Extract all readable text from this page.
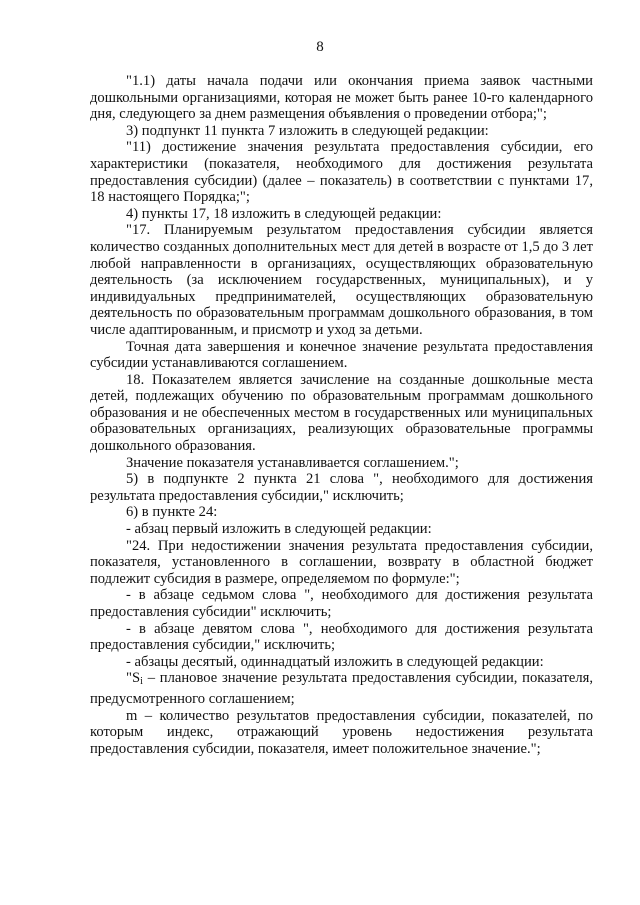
8

"1.1) даты начала подачи или окончания приема заявок частными дошкольными организациями, которая не может быть ранее 10-го календарного дня, следующего за днем размещения объявления о проведении отбора;";

3) подпункт 11 пункта 7 изложить в следующей редакции:

"11) достижение значения результата предоставления субсидии, его характеристики (показателя, необходимого для достижения результата предоставления субсидии) (далее – показатель) в соответствии с пунктами 17, 18 настоящего Порядка;";

4) пункты 17, 18 изложить в следующей редакции:

"17. Планируемым результатом предоставления субсидии является количество созданных дополнительных мест для детей в возрасте от 1,5 до 3 лет любой направленности в организациях, осуществляющих образовательную деятельность (за исключением государственных, муниципальных), и у индивидуальных предпринимателей, осуществляющих образовательную деятельность по образовательным программам дошкольного образования, в том числе адаптированным, и присмотр и уход за детьми.

Точная дата завершения и конечное значение результата предоставления субсидии устанавливаются соглашением.

18. Показателем является зачисление на созданные дошкольные места детей, подлежащих обучению по образовательным программам дошкольного образования и не обеспеченных местом в государственных или муниципальных образовательных организациях, реализующих образовательные программы дошкольного образования.

Значение показателя устанавливается соглашением.";

5) в подпункте 2 пункта 21 слова ", необходимого для достижения результата предоставления субсидии," исключить;

6) в пункте 24:

- абзац первый изложить в следующей редакции:

"24. При недостижении значения результата предоставления субсидии, показателя, установленного в соглашении, возврату в областной бюджет подлежит субсидия в размере, определяемом по формуле:";

- в абзаце седьмом слова ", необходимого для достижения результата предоставления субсидии" исключить;

- в абзаце девятом слова ", необходимого для достижения результата предоставления субсидии," исключить;

- абзацы десятый, одиннадцатый изложить в следующей редакции:

"$S_i$ – плановое значение результата предоставления субсидии, показателя, предусмотренного соглашением;

m – количество результатов предоставления субсидии, показателей, по которым индекс, отражающий уровень недостижения результата предоставления субсидии, показателя, имеет положительное значение.";
